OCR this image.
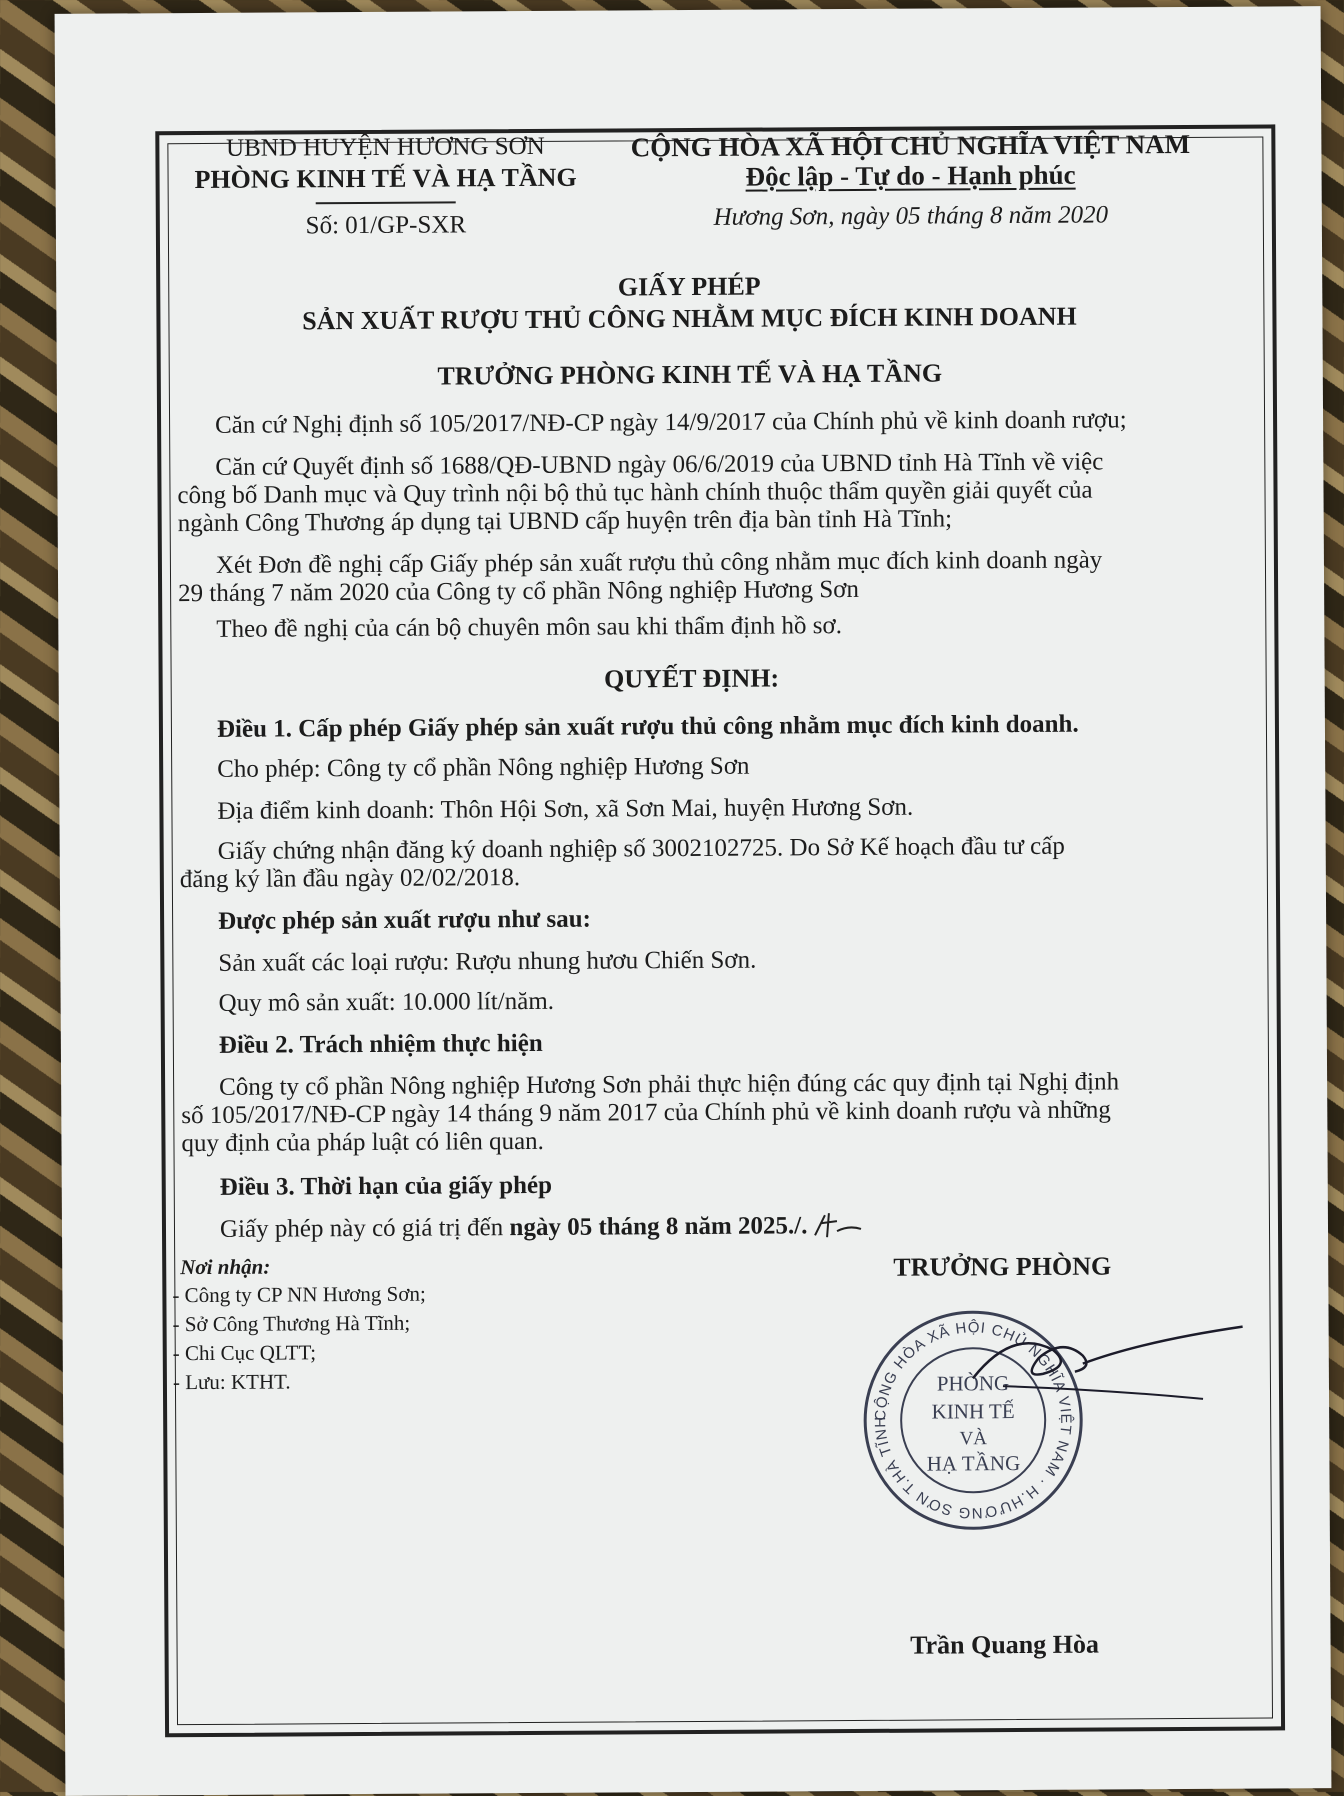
UBND HUYỆN HƯƠNG SƠN
PHÒNG KINH TẾ VÀ HẠ TẦNG
Số: 01/GP-SXR
CỘNG HÒA XÃ HỘI CHỦ NGHĨA VIỆT NAM
Độc lập - Tự do - Hạnh phúc
Hương Sơn, ngày 05 tháng 8 năm 2020
GIẤY PHÉP
SẢN XUẤT RƯỢU THỦ CÔNG NHẰM MỤC ĐÍCH KINH DOANH
TRƯỞNG PHÒNG KINH TẾ VÀ HẠ TẦNG
Căn cứ Nghị định số 105/2017/NĐ-CP ngày 14/9/2017 của Chính phủ về kinh doanh rượu;
Căn cứ Quyết định số 1688/QĐ-UBND ngày 06/6/2019 của UBND tỉnh Hà Tĩnh về việc
công bố Danh mục và Quy trình nội bộ thủ tục hành chính thuộc thẩm quyền giải quyết của
ngành Công Thương áp dụng tại UBND cấp huyện trên địa bàn tỉnh Hà Tĩnh;
Xét Đơn đề nghị cấp Giấy phép sản xuất rượu thủ công nhằm mục đích kinh doanh ngày
29 tháng 7 năm 2020 của Công ty cổ phần Nông nghiệp Hương Sơn
Theo đề nghị của cán bộ chuyên môn sau khi thẩm định hồ sơ.
QUYẾT ĐỊNH:
Điều 1. Cấp phép Giấy phép sản xuất rượu thủ công nhằm mục đích kinh doanh.
Cho phép: Công ty cổ phần Nông nghiệp Hương Sơn
Địa điểm kinh doanh: Thôn Hội Sơn, xã Sơn Mai, huyện Hương Sơn.
Giấy chứng nhận đăng ký doanh nghiệp số 3002102725. Do Sở Kế hoạch đầu tư cấp
đăng ký lần đầu ngày 02/02/2018.
Được phép sản xuất rượu như sau:
Sản xuất các loại rượu: Rượu nhung hươu Chiến Sơn.
Quy mô sản xuất: 10.000 lít/năm.
Điều 2. Trách nhiệm thực hiện
Công ty cổ phần Nông nghiệp Hương Sơn phải thực hiện đúng các quy định tại Nghị định
số 105/2017/NĐ-CP ngày 14 tháng 9 năm 2017 của Chính phủ về kinh doanh rượu và những
quy định của pháp luật có liên quan.
Điều 3. Thời hạn của giấy phép
Giấy phép này có giá trị đến ngày 05 tháng 8 năm 2025./.
Nơi nhận:
- Công ty CP NN Hương Sơn;
- Sở Công Thương Hà Tĩnh;
- Chi Cục QLTT;
- Lưu: KTHT.
TRƯỞNG PHÒNG
CỘNG HÒA XÃ HỘI CHỦ NGHĨA VIỆT NAM · H.HƯƠNG SƠN T.HÀ TĨNH
PHÒNG
KINH TẾ
VÀ
HẠ TẦNG
Trần Quang Hòa
